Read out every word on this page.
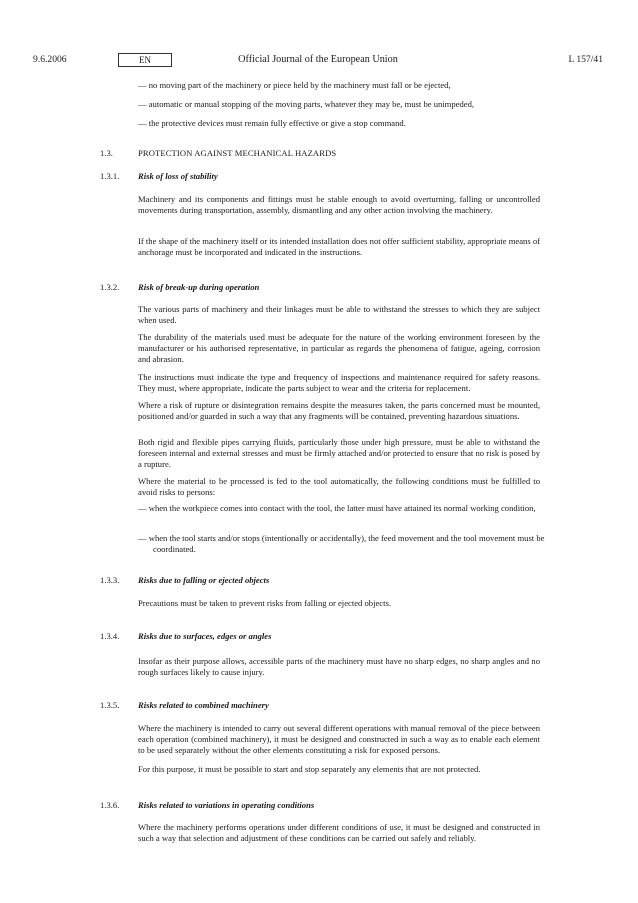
9.6.2006	EN	Official Journal of the European Union	L 157/41
— no moving part of the machinery or piece held by the machinery must fall or be ejected,
— automatic or manual stopping of the moving parts, whatever they may be, must be unimpeded,
— the protective devices must remain fully effective or give a stop command.
1.3.	PROTECTION AGAINST MECHANICAL HAZARDS
1.3.1. Risk of loss of stability
Machinery and its components and fittings must be stable enough to avoid overturning, falling or uncontrolled movements during transportation, assembly, dismantling and any other action involving the machinery.
If the shape of the machinery itself or its intended installation does not offer sufficient stability, appropriate means of anchorage must be incorporated and indicated in the instructions.
1.3.2. Risk of break-up during operation
The various parts of machinery and their linkages must be able to withstand the stresses to which they are subject when used.
The durability of the materials used must be adequate for the nature of the working environment foreseen by the manufacturer or his authorised representative, in particular as regards the phenomena of fatigue, ageing, corrosion and abrasion.
The instructions must indicate the type and frequency of inspections and maintenance required for safety reasons. They must, where appropriate, indicate the parts subject to wear and the criteria for replacement.
Where a risk of rupture or disintegration remains despite the measures taken, the parts concerned must be mounted, positioned and/or guarded in such a way that any fragments will be contained, preventing hazardous situations.
Both rigid and flexible pipes carrying fluids, particularly those under high pressure, must be able to withstand the foreseen internal and external stresses and must be firmly attached and/or protected to ensure that no risk is posed by a rupture.
Where the material to be processed is fed to the tool automatically, the following conditions must be fulfilled to avoid risks to persons:
— when the workpiece comes into contact with the tool, the latter must have attained its normal working condition,
— when the tool starts and/or stops (intentionally or accidentally), the feed movement and the tool movement must be coordinated.
1.3.3. Risks due to falling or ejected objects
Precautions must be taken to prevent risks from falling or ejected objects.
1.3.4. Risks due to surfaces, edges or angles
Insofar as their purpose allows, accessible parts of the machinery must have no sharp edges, no sharp angles and no rough surfaces likely to cause injury.
1.3.5. Risks related to combined machinery
Where the machinery is intended to carry out several different operations with manual removal of the piece between each operation (combined machinery), it must be designed and constructed in such a way as to enable each element to be used separately without the other elements constituting a risk for exposed persons.
For this purpose, it must be possible to start and stop separately any elements that are not protected.
1.3.6. Risks related to variations in operating conditions
Where the machinery performs operations under different conditions of use, it must be designed and constructed in such a way that selection and adjustment of these conditions can be carried out safely and reliably.
